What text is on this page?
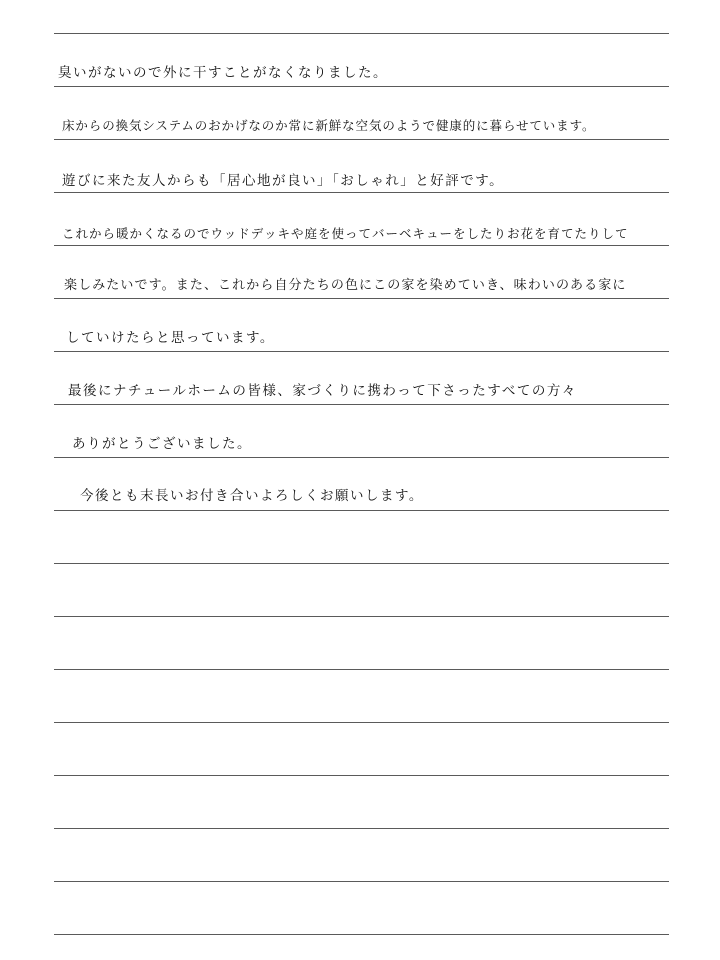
臭いがないので外に干すことがなくなりました。
床からの換気システムのおかげなのか常に新鮮な空気のようで健康的に暮らせています。
遊びに来た友人からも「居心地が良い」「おしゃれ」と好評です。
これから暖かくなるのでウッドデッキや庭を使ってバーベキューをしたりお花を育てたりして
楽しみたいです。また、これから自分たちの色にこの家を染めていき、味わいのある家に
していけたらと思っています。
最後にナチュールホームの皆様、家づくりに携わって下さったすべての方々
ありがとうございました。
今後とも末長いお付き合いよろしくお願いします。
